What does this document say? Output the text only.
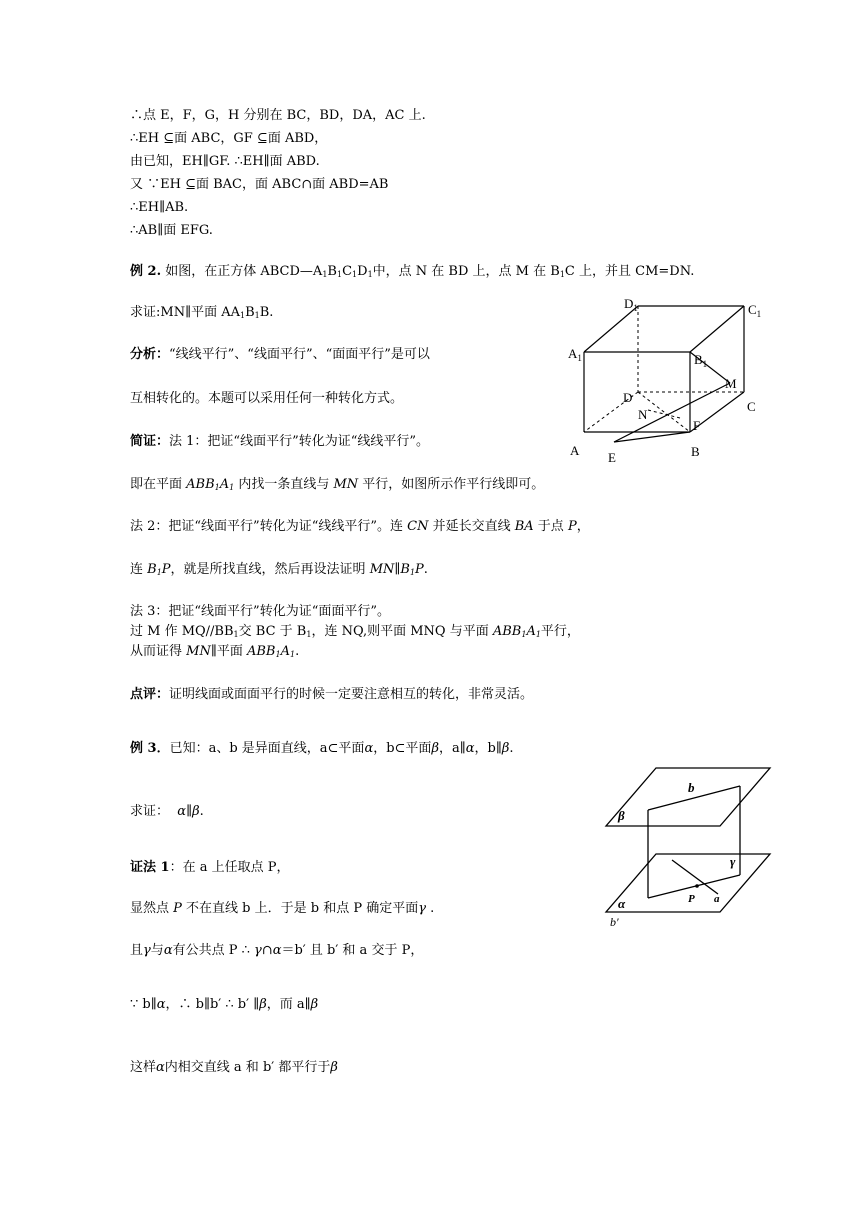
∴点 E，F，G，H 分别在 BC，BD，DA，AC 上.
∴EH ⊆面 ABC，GF ⊆面 ABD，
由已知，EH∥GF. ∴EH∥面 ABD.
又 ∵EH ⊆面 BAC，面 ABC∩面 ABD=AB
∴EH∥AB.
∴AB∥面 EFG.
例 2. 如图，在正方体 $ABCD—A_1B_1C_1D_1$中，点 N 在 BD 上，点 M 在 $B_1C$ 上，并且 CM=DN.
求证:MN∥平面 $AA_1B_1B$.
分析：“线线平行”、“线面平行”、“面面平行”是可以
互相转化的。本题可以采用任何一种转化方式。
简证：法 1：把证“线面平行”转化为证“线线平行”。
即在平面 $ABB_1A_1$ 内找一条直线与 MN 平行，如图所示作平行线即可。
法 2：把证“线面平行”转化为证“线线平行”。连 CN 并延长交直线 BA 于点 P，
连 $B_1P$，就是所找直线，然后再设法证明 $MN\parallel B_1P$.
法 3：把证“线面平行”转化为证“面面平行”。
过 M 作 $MQ//BB_1$交 BC 于 $B_1$，连 NQ,则平面 MNQ 与平面 $ABB_1A_1$平行，
从而证得 MN∥平面 $ABB_1A_1$.
点评：证明线面或面面平行的时候一定要注意相互的转化，非常灵活。
$D_1$	$C_1$
$A_1$	$B_1$
M
D
C
N
F
A E	B
例 3．已知：a、b 是异面直线，a⊂平面α，b⊂平面β，a∥α，b∥β.
求证： α∥β.
证法 1：在 a 上任取点 P，
显然点 P 不在直线 b 上．于是 b 和点 P 确定平面γ .
且γ与α有公共点 P ∴ γ∩α＝b′ 且 b′ 和 a 交于 P，
∵ b∥α，∴ b∥b′ ∴ b′ ∥β，而 a∥β
这样α内相交直线 a 和 b′ 都平行于β
b
β
γ
α	P a
b′
